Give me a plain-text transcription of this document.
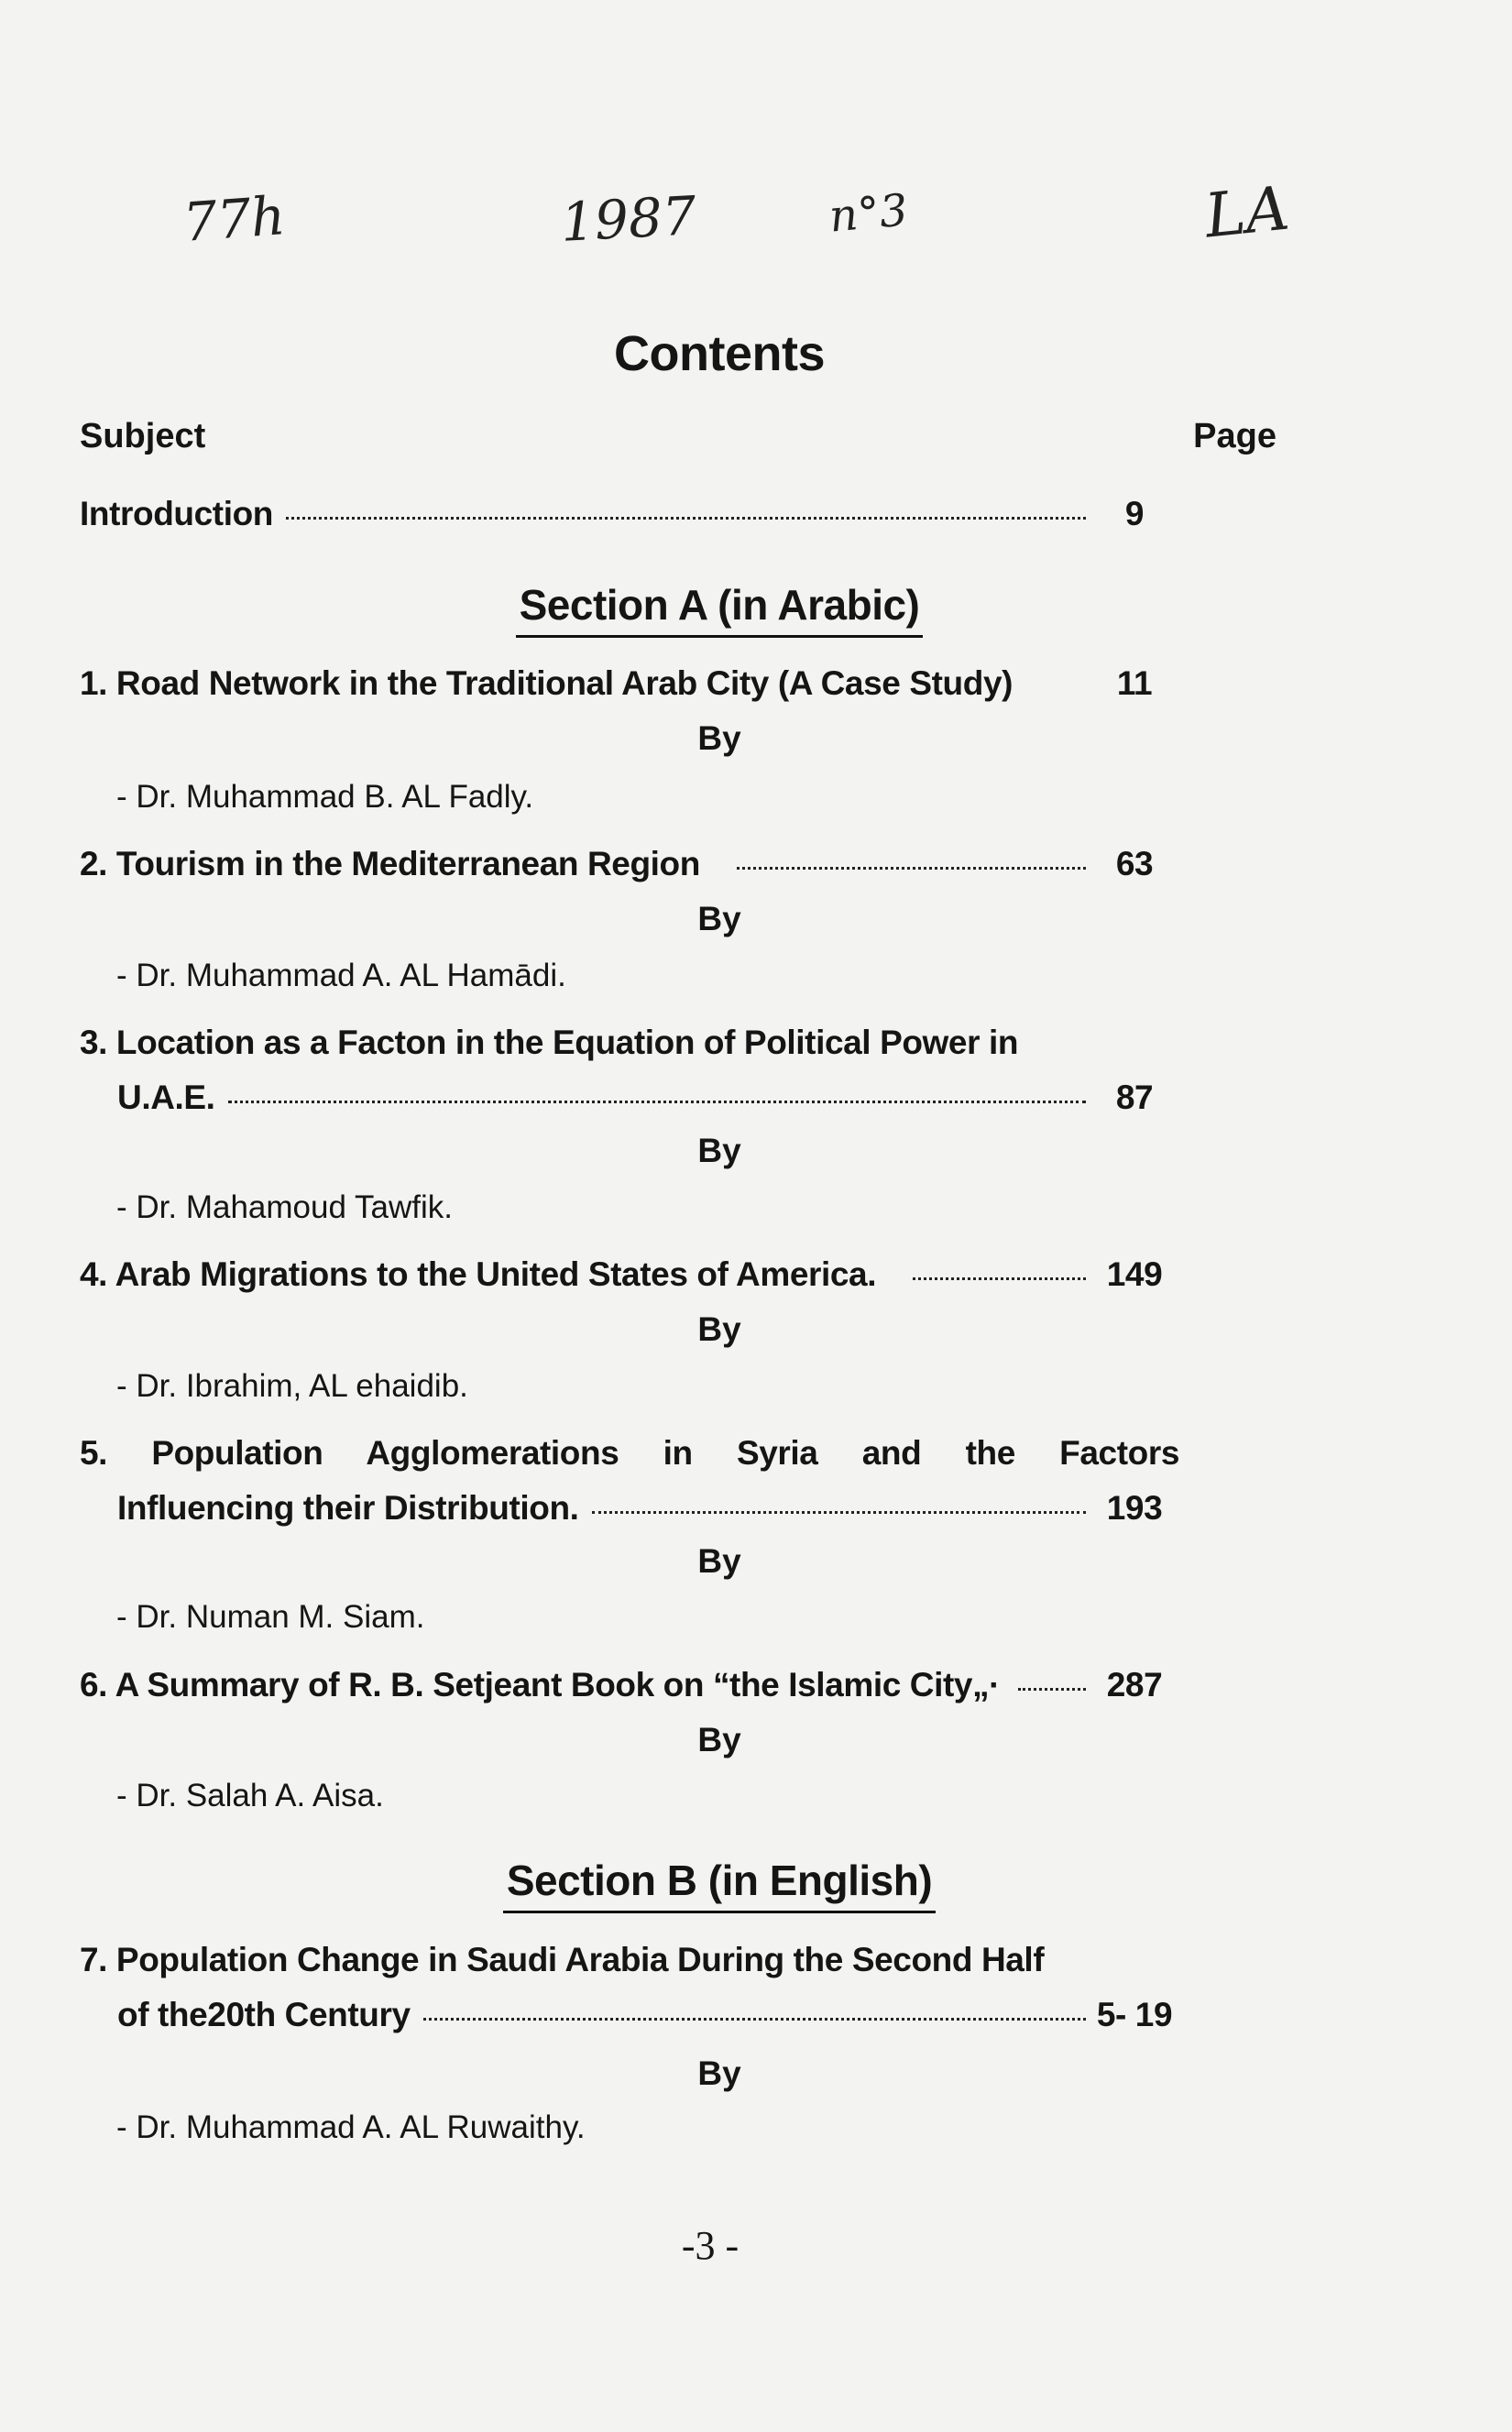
77h	1987	n°3	LA
Contents
Subject	Page
Introduction	9
Section A (in Arabic)
1. Road Network in the Traditional Arab City (A Case Study)	11
By
- Dr. Muhammad B. AL Fadly.
2. Tourism in the Mediterranean Region	63
By
- Dr. Muhammad A. AL Hamādi.
3. Location as a Facton in the Equation of Political Power in
U.A.E.	87
By
- Dr. Mahamoud Tawfik.
4. Arab Migrations to the United States of America.	149
By
- Dr. Ibrahim, AL ehaidib.
5. Population Agglomerations in Syria and the Factors
Influencing their Distribution.	193
By
- Dr. Numan M. Siam.
6. A Summary of R. B. Setjeant Book on “the Islamic City„·	287
By
- Dr. Salah A. Aisa.
Section B (in English)
7. Population Change in Saudi Arabia During the Second Half
of the20th Century	5- 19
By
- Dr. Muhammad A. AL Ruwaithy.
-3 -
